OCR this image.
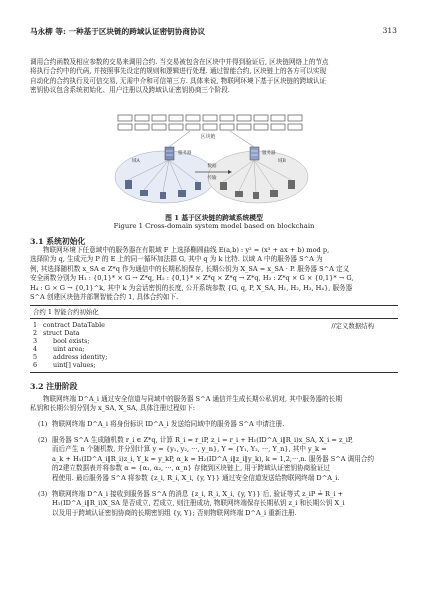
马永柳 等: 一种基于区块链的跨域认证密钥协商协议	313
调用合约函数及相应参数的交易来调用合约. 当交易被包含在区块中并得到验证后, 区块链网络上的节点
将执行合约中的代码, 并按照事先设定的规则和逻辑进行处理. 通过智能合约, 区块链上的各方可以实现
自动化的合约执行及可信交易, 无需中介和可信第三方. 具体来说, 物联网环境下基于区块链的跨域认证
密钥协议包含系统初始化、用户注册以及跨域认证密钥协商三个阶段.
区块链
服务器	服务器
域A	域B
数据
传输
图 1 基于区块链的跨域系统模型
Figure 1 Cross-domain system model based on blockchain
3.1 系统初始化
物联网环境下任意域中的服务器在有限域 F 上选择椭圆曲线 E(a,b) : y² = (x³ + ax + b) mod p,
选择阶为 q, 生成元为 P 的 E 上的同一循环加法群 G, 其中 q 为 k 比特. 以域 A 中的服务器 S^A 为
例, 其选择随机数 x_SA ∈ Z*q 作为通信中的长期私钥保存, 长期公钥为 X_SA = x_SA · P. 服务器 S^A 定义
安全函数分别为 H₁ : {0,1}* × G → Z*q, H₂ : {0,1}* × Z*q × Z*q → Z*q, H₃ : Z*q × G × {0,1}* → G,
H₄ : G × G → {0,1}^k, 其中 k 为会话密钥的长度, 公开系统参数 {G, q, P, X_SA, H₁, H₂, H₃, H₄}, 服务器
S^A 创建区块链并部署智能合约 1, 具体合约如下.
合约 1 智能合约初始化
//定义数据结构
1 contract DataTable
2 struct Data
3 bool exists;
4 uint area;
5 address identity;
6 uint[] values;
3.2 注册阶段
物联网终端 D^A_i 通过安全信道与同域中的服务器 S^A 通信并生成长期公私钥对, 其中服务器的长期
私钥和长期公钥分别为 x_SA, X_SA, 具体注册过程如下:
(1) 物联网终端 D^A_i 将身份标识 ID^A_i 发送给同域中的服务器 S^A 申请注册.
(2) 服务器 S^A 生成随机数 r_i ∈ Z*q, 计算 R_i = r_iP, z_i = r_i + H₁(ID^A_i‖R_i)x_SA, X_i = z_iP,
而后产生 n 个随机数, 并分别计算 y = {y₁, y₂, ···, y_n}, Y = {Y₁, Y₂, ···, Y_n}, 其中 y_k =
a_k + H₁(ID^A_i‖R_i)z_i, Y_k = y_kP, α_k = H₂(ID^A_i‖z_i‖y_k), k = 1,2,···,n. 服务器 S^A 调用合约
的2建立数据表并将参数 α = {α₁, α₂, ···, α_n} 存储到区块链上, 用于跨域认证密钥协商验证过
程使用. 最后服务器 S^A 将参数 {z_i, R_i, X_i, {y, Y}} 通过安全信道发送给物联网终端 D^A_i.
(3) 物联网终端 D^A_i 接收到服务器 S^A 的消息 {z_i, R_i, X_i, {y, Y}} 后, 验证等式 z_iP ≟ R_i +
H₁(ID^A_i‖R_i)X_SA 是否成立, 若成立, 则注册成功, 物联网终端保存长期私钥 z_i 和长期公钥 X_i
以及用于跨域认证密钥协商的长期密钥组 {y, Y}; 否则物联网终端 D^A_i 重新注册.
